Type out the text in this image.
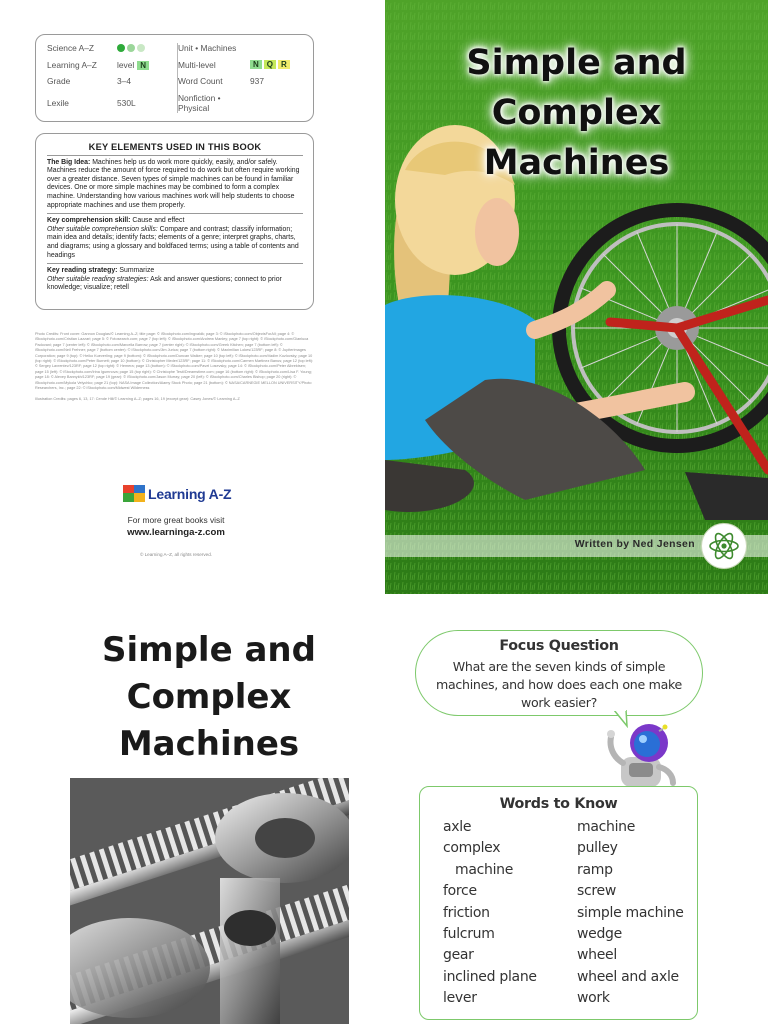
Science A–Z	Unit • Machines
Learning A–Z	level N	Multi-level	N	Q	R
Grade	3–4	Word Count	937
Lexile	530L	Nonfiction • Physical
KEY ELEMENTS USED IN THIS BOOK
The Big Idea: Machines help us do work more quickly, easily, and/or safely. Machines reduce the amount of force required to do work but often require working over a greater distance. Seven types of simple machines can be found in familiar devices. One or more simple machines may be combined to form a complex machine. Understanding how various machines work will help students to choose appropriate machines and use them properly.
Key comprehension skill: Cause and effect
Other suitable comprehension skills: Compare and contrast; classify information; main idea and details; identify facts; elements of a genre; interpret graphs, charts, and diagrams; using a glossary and boldfaced terms; using a table of contents and headings
Key reading strategy: Summarize
Other suitable reading strategies: Ask and answer questions; connect to prior knowledge; visualize; retell

Photo Credits: Front cover: Gannon Douglas/© Learning A–Z; title page: © iStockphoto.com/ingvaldk; page 3: © iStockphoto.com/ObjectsForAll; page 4: © iStockphoto.com/Cristian Lazzari; page 5: © Fotosearch.com; page 7 (top left): © iStockphoto.com/Andrew Manley; page 7 (top right): © iStockphoto.com/Gianluca Padovani; page 7 (center left): © iStockphoto.com/Marcella Barrow; page 7 (center right): © iStockphoto.com/Greek Kitchen; page 7 (bottom left): © iStockphoto.com/Neil Frehner; page 7 (bottom center): © iStockphoto.com/Jim Jurica; page 7 (bottom right): © Maximilian Lokes/123RF; page 8: © Jupiterimages Corporation; page 9 (top): © Heiko Kueverling; page 9 (bottom): © iStockphoto.com/Duncan Walker; page 10 (top left): © iStockphoto.com/Vadim Kozlovsky; page 10 (top right): © iStockphoto.com/Peter Burnett; page 10 (bottom): © Christopher Meder/123RF; page 11: © iStockphoto.com/Carmen Martinez Banus; page 12 (top left): © Sergey Lavrentev/123RF; page 12 (top right): © Hemera; page 13 (bottom): © iStockphoto.com/Pavel Losevsky; page 14: © iStockphoto.com/Peter Albrektsen; page 15 (left): © iStockphoto.com/Irina Igumnova; page 15 (top right): © Christophe Testi/Dreamstime.com; page 16 (bottom right): © iStockphoto.com/Lisa F. Young; page 18: © Alexey Bannykh/123RF; page 19 (gear): © iStockphoto.com/Jason Murray; page 20 (left): © iStockphoto.com/Charles Bishop; page 20 (right): © iStockphoto.com/Mykola Velychko; page 21 (top): NASA Image Collection/Alamy Stock Photo; page 21 (bottom): © NASA/CARNEGIE MELLON UNIVERSITY/Photo Researchers, Inc.; page 22: © iStockphoto.com/Midwest Wilderness

Illustration Credits: pages 6, 13, 17: Cende Hill/© Learning A–Z; pages 16, 19 (except gear): Casey Jones/© Learning A–Z

Learning A-Z
For more great books visit
www.learninga-z.com
© Learning A–Z, all rights reserved.
Simple and
Complex
Machines
Written by Ned Jensen
Simple and
Complex
Machines
Focus Question
What are the seven kinds of simple machines, and how does each one make work easier?
Words to Know
axle
complex
machine
force
friction
fulcrum
gear
inclined plane
lever
machine
pulley
ramp
screw
simple machine
wedge
wheel
wheel and axle
work
